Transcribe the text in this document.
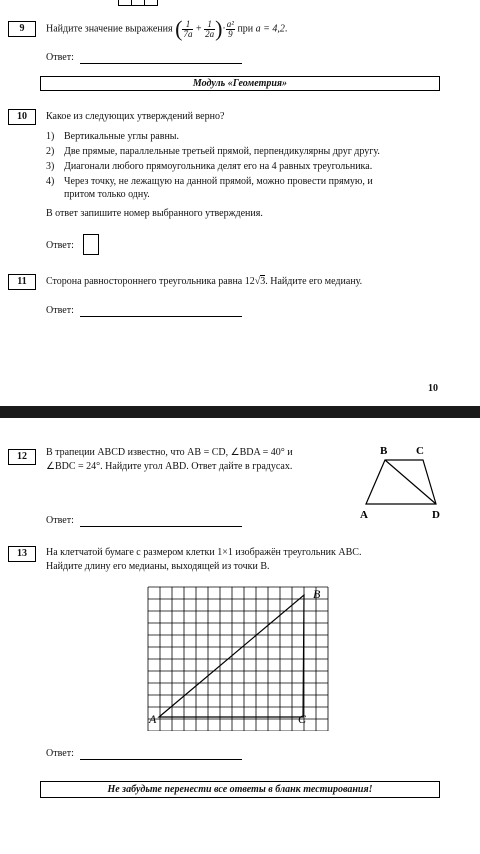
9	Найдите значение выражения ( $\frac{1}{7a} + \frac{1}{2a}$ )· $\frac{\text{a²}}{9}$ при a = 4,2.
Ответ:
Модуль «Геометрия»
10	Какое из следующих утверждений верно?
1) Вертикальные углы равны.
2) Две прямые, параллельные третьей прямой, перпендикулярны друг другу.
3) Диагонали любого прямоугольника делят его на 4 равных треугольника.
4) Через точку, не лежащую на данной прямой, можно провести прямую, и
притом только одну.
В ответ запишите номер выбранного утверждения.
Ответ:
11	Сторона равностороннего треугольника равна 12√3. Найдите его медиану.
Ответ:
10
12	В трапеции ABCD известно, что AB = CD, ∠BDA = 40° и
∠BDC = 24°. Найдите угол ABD. Ответ дайте в градусах.
B	C
A	D
Ответ:
13	На клетчатой бумаге с размером клетки 1×1 изображён треугольник ABC.
Найдите длину его медианы, выходящей из точки B.
A
B
C
Ответ:
Не забудьте перенести все ответы в бланк тестирования!
